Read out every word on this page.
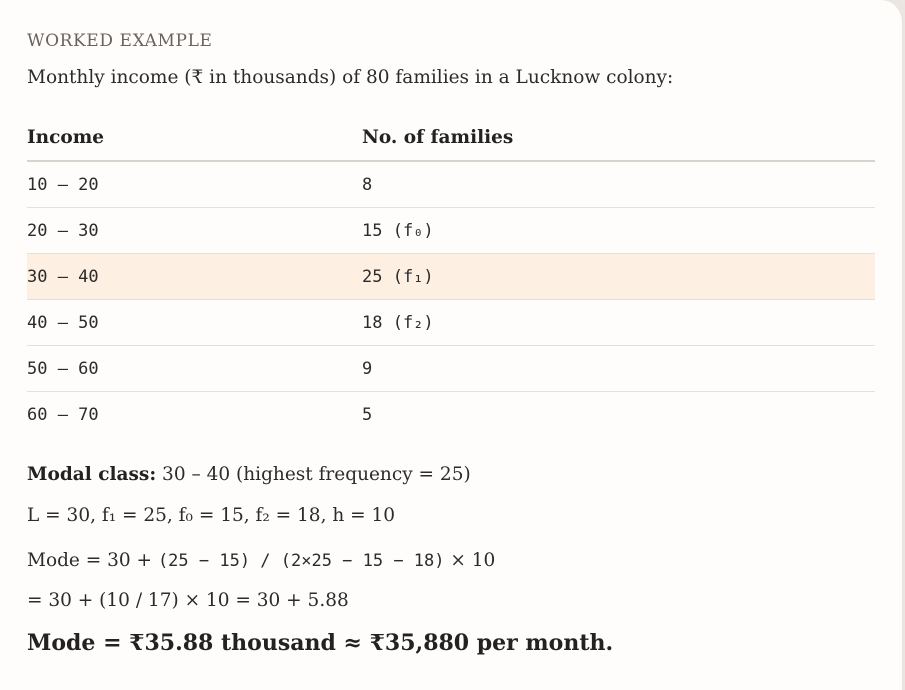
WORKED EXAMPLE
Monthly income (₹ in thousands) of 80 families in a Lucknow colony:
Income	No. of families
10 – 20	8
20 – 30	15 (f₀)
30 – 40	25 (f₁)
40 – 50	18 (f₂)
50 – 60	9
60 – 70	5
Modal class: 30 – 40 (highest frequency = 25)
L = 30, f₁ = 25, f₀ = 15, f₂ = 18, h = 10
Mode = 30 + (25 − 15) / (2×25 − 15 − 18) × 10
= 30 + (10 / 17) × 10 = 30 + 5.88
Mode = ₹35.88 thousand ≈ ₹35,880 per month.
